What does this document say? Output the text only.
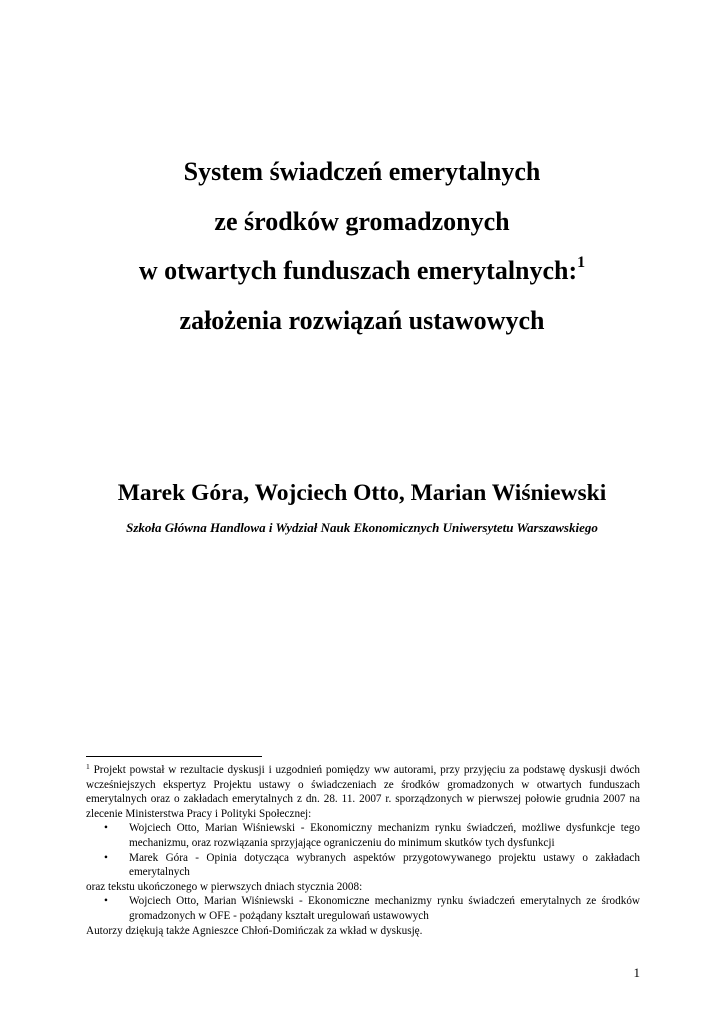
System świadczeń emerytalnych
ze środków gromadzonych
w otwartych funduszach emerytalnych:$^1$
założenia rozwiązań ustawowych
Marek Góra, Wojciech Otto, Marian Wiśniewski
Szkoła Główna Handlowa i Wydział Nauk Ekonomicznych Uniwersytetu Warszawskiego

$^1$ Projekt powstał w rezultacie dyskusji i uzgodnień pomiędzy ww autorami, przy przyjęciu za podstawę dyskusji dwóch wcześniejszych ekspertyz Projektu ustawy o świadczeniach ze środków gromadzonych w otwartych funduszach emerytalnych oraz o zakładach emerytalnych z dn. 28. 11. 2007 r. sporządzonych w pierwszej połowie grudnia 2007 na zlecenie Ministerstwa Pracy i Polityki Społecznej:

• Wojciech Otto, Marian Wiśniewski - Ekonomiczny mechanizm rynku świadczeń, możliwe dysfunkcje tego mechanizmu, oraz rozwiązania sprzyjające ograniczeniu do minimum skutków tych dysfunkcji
• Marek Góra - Opinia dotycząca wybranych aspektów przygotowywanego projektu ustawy o zakładach emerytalnych

oraz tekstu ukończonego w pierwszych dniach stycznia 2008:

• Wojciech Otto, Marian Wiśniewski - Ekonomiczne mechanizmy rynku świadczeń emerytalnych ze środków gromadzonych w OFE - pożądany kształt uregulowań ustawowych

Autorzy dziękują także Agnieszce Chłoń-Domińczak za wkład w dyskusję.

1
